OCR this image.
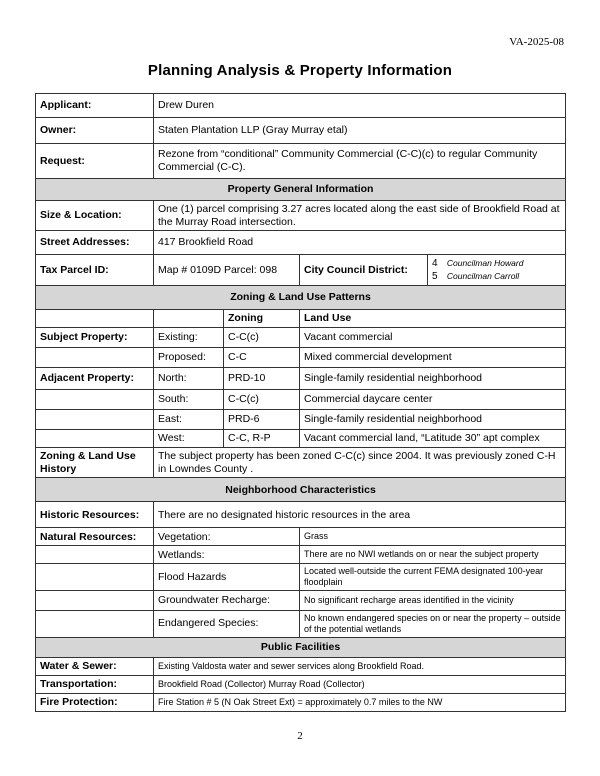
VA-2025-08
Planning Analysis & Property Information
Applicant:	Drew Duren			
Owner:	Staten Plantation LLP (Gray Murray etal)			
Request:	Rezone from “conditional” Community Commercial (C-C)(c) to regular Community Commercial (C-C).			
Property General Information				
Size & Location:	One (1) parcel comprising 3.27 acres located along the east side of Brookfield Road at the Murray Road intersection.			
Street Addresses:	417 Brookfield Road			
Tax Parcel ID:	Map # 0109D Parcel: 098		City Council District:	4 Councilman Howard
5 Councilman Carroll

Zoning & Land Use Patterns				
		Zoning	Land Use	
Subject Property:	Existing:	C-C(c)	Vacant commercial	
	Proposed:	C-C	Mixed commercial development	
Adjacent Property:	North:	PRD-10	Single-family residential neighborhood	
	South:	C-C(c)	Commercial daycare center	
	East:	PRD-6	Single-family residential neighborhood	
	West:	C-C, R-P	Vacant commercial land, “Latitude 30” apt complex	
Zoning & Land Use History	The subject property has been zoned C-C(c) since 2004. It was previously zoned C-H in Lowndes County .			
Neighborhood Characteristics				
Historic Resources:	There are no designated historic resources in the area			
Natural Resources:	Vegetation:		Grass	
	Wetlands:		There are no NWI wetlands on or near the subject property	
	Flood Hazards		Located well-outside the current FEMA designated 100-year floodplain	
	Groundwater Recharge:		No significant recharge areas identified in the vicinity	
	Endangered Species:		No known endangered species on or near the property – outside of the potential wetlands	
Public Facilities				
Water & Sewer:	Existing Valdosta water and sewer services along Brookfield Road.			
Transportation:	Brookfield Road (Collector) Murray Road (Collector)			
Fire Protection:	Fire Station # 5 (N Oak Street Ext) = approximately 0.7 miles to the NW			
2
